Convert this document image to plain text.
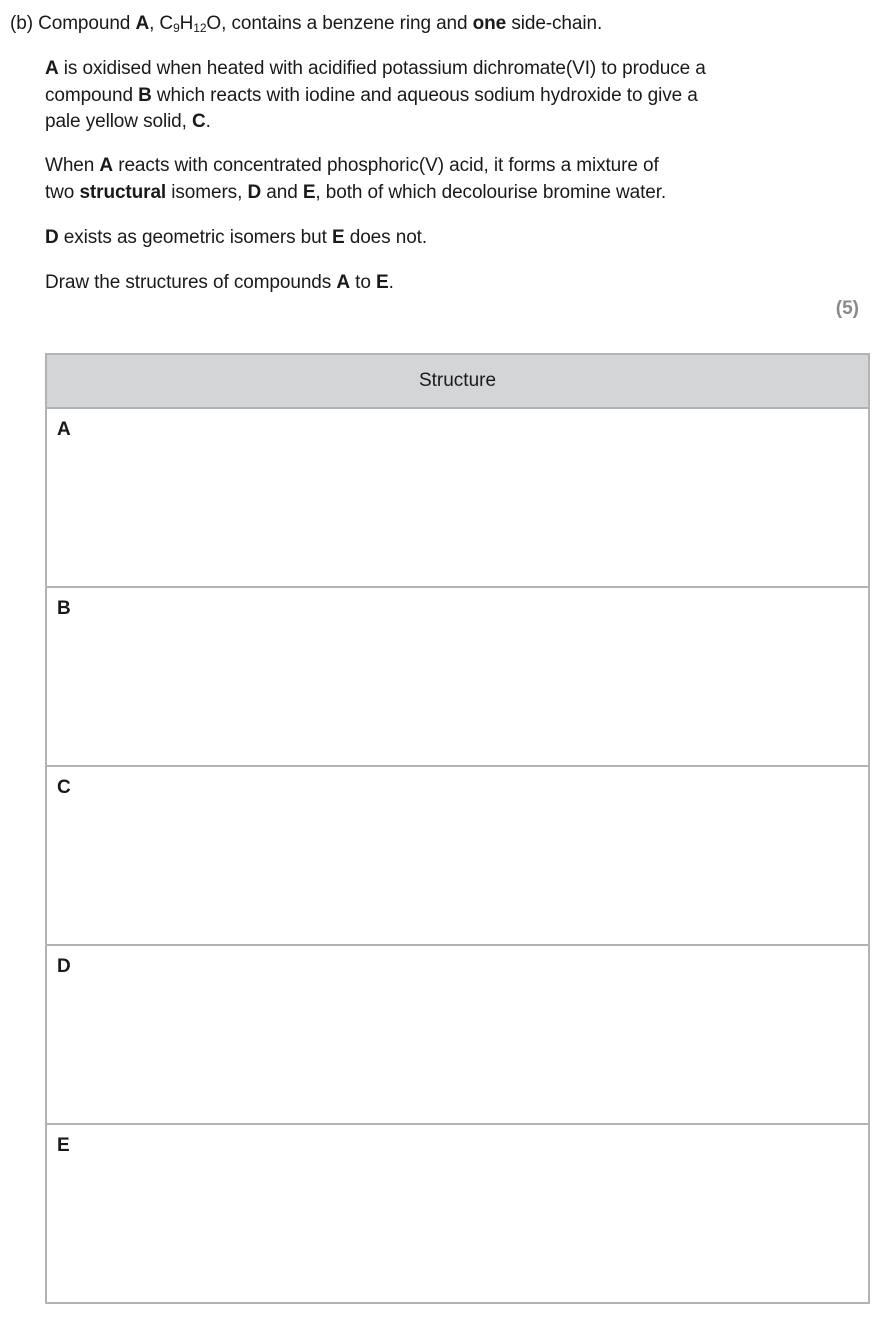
(b) Compound A, $C_9H_{12}O$, contains a benzene ring and one side-chain.
A is oxidised when heated with acidified potassium dichromate(VI) to produce a
compound B which reacts with iodine and aqueous sodium hydroxide to give a
pale yellow solid, C.
When A reacts with concentrated phosphoric(V) acid, it forms a mixture of
two structural isomers, D and E, both of which decolourise bromine water.
D exists as geometric isomers but E does not.
Draw the structures of compounds A to E.
(5)
Structure

A

B

C

D

E
